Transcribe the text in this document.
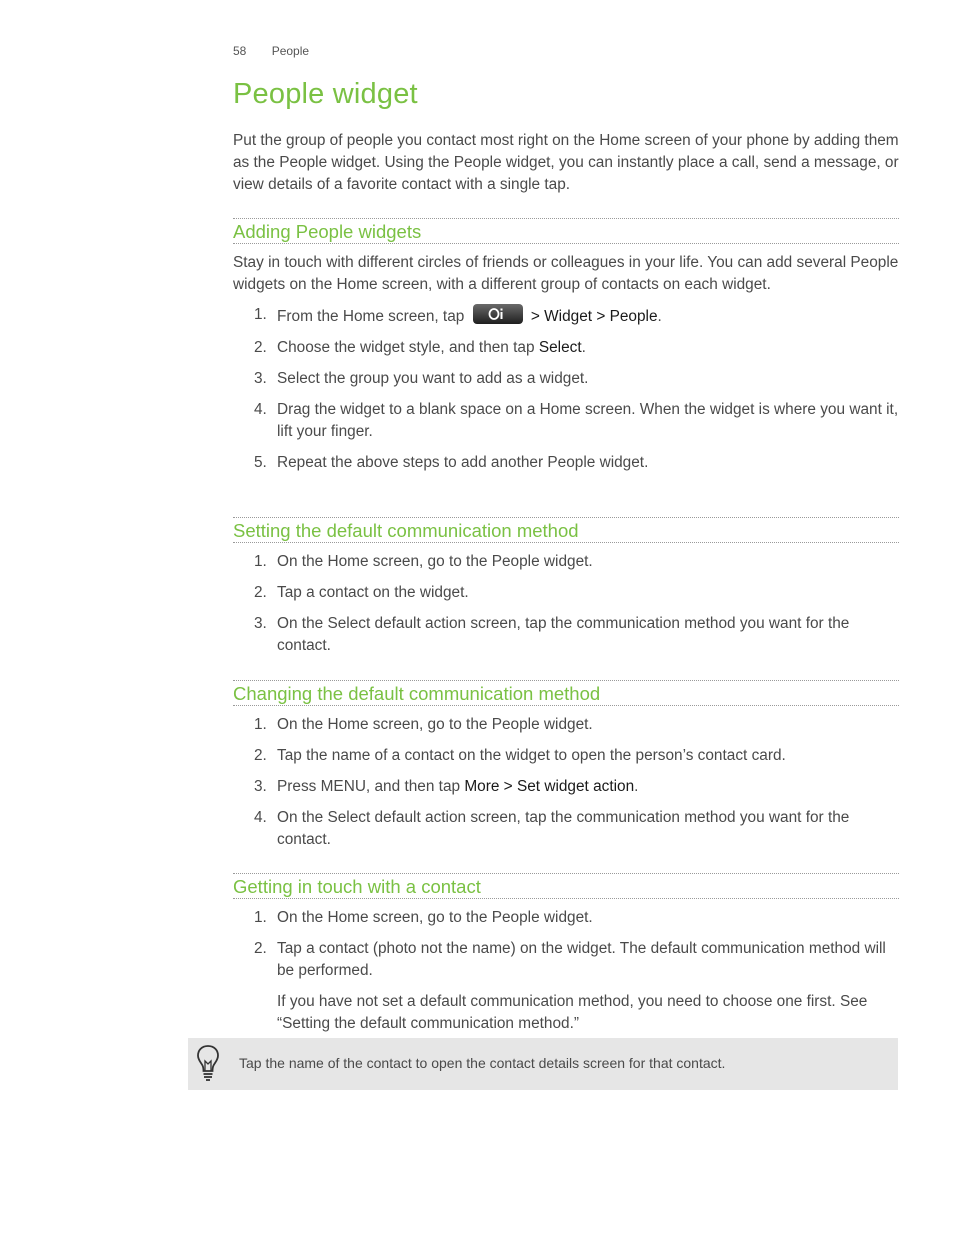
58 People
People widget

Put the group of people you contact most right on the Home screen of your phone by adding them as the People widget. Using the People widget, you can instantly place a call, send a message, or view details of a favorite contact with a single tap.

Adding People widgets

Stay in touch with different circles of friends or colleagues in your life. You can add several People widgets on the Home screen, with a different group of contacts on each widget.

1. From the Home screen, tap	> Widget > People.
2. Choose the widget style, and then tap Select.
3. Select the group you want to add as a widget.
4. Drag the widget to a blank space on a Home screen. When the widget is where you want it, lift your finger.
5. Repeat the above steps to add another People widget.
Setting the default communication method
1. On the Home screen, go to the People widget.
2. Tap a contact on the widget.
3. On the Select default action screen, tap the communication method you want for the contact.
Changing the default communication method
1. On the Home screen, go to the People widget.
2. Tap the name of a contact on the widget to open the person’s contact card.
3. Press MENU, and then tap More > Set widget action.
4. On the Select default action screen, tap the communication method you want for the contact.
Getting in touch with a contact
1. On the Home screen, go to the People widget.
2. Tap a contact (photo not the name) on the widget. The default communication method will be performed.
If you have not set a default communication method, you need to choose one first. See “Setting the default communication method.”
Tap the name of the contact to open the contact details screen for that contact.
